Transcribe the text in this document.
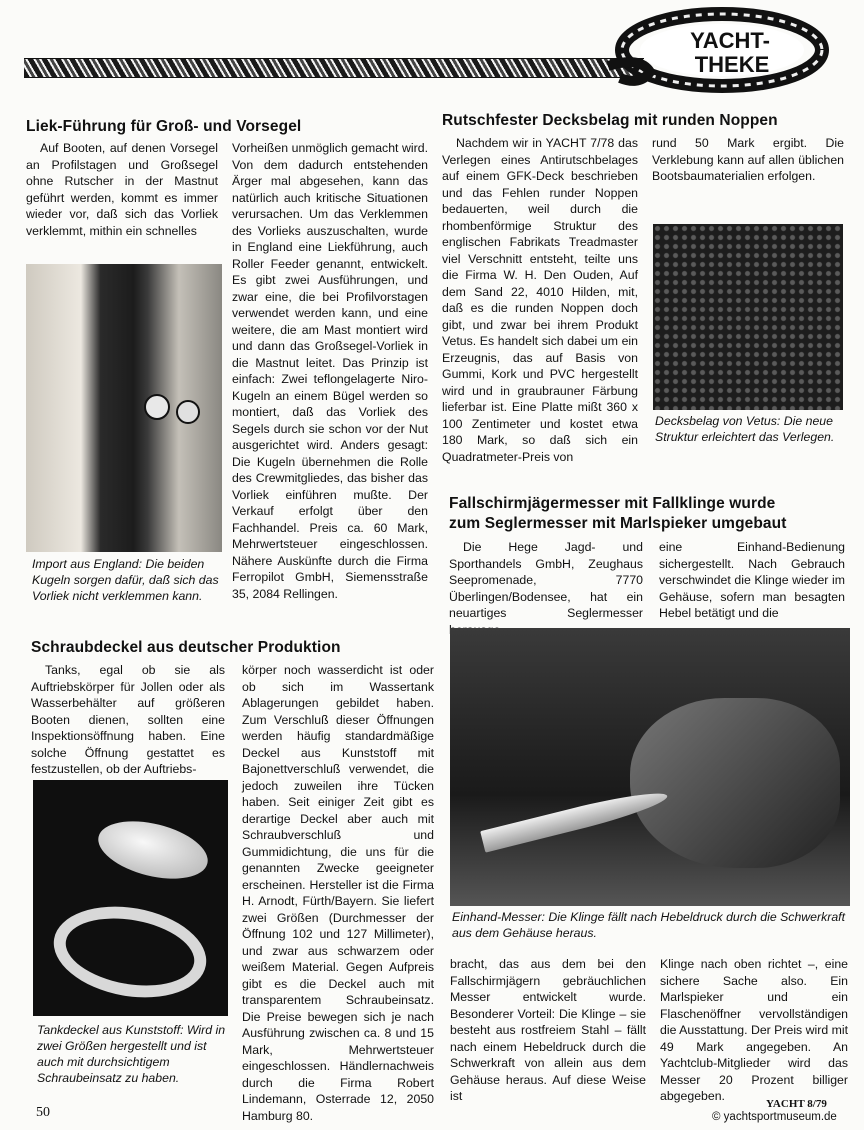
YACHT-
THEKE
Liek-Führung für Groß- und Vorsegel

Auf Booten, auf denen Vorsegel an Profilstagen und Großsegel ohne Rutscher in der Mastnut geführt werden, kommt es immer wieder vor, daß sich das Vorliek verklemmt, mithin ein schnelles

Vorheißen unmöglich gemacht wird. Von dem dadurch entstehenden Ärger mal abgesehen, kann das natürlich auch kritische Situationen verursachen. Um das Verklemmen des Vorlieks auszuschalten, wurde in England eine Liekführung, auch Roller Feeder genannt, entwickelt. Es gibt zwei Ausführungen, und zwar eine, die bei Profilvorstagen verwendet werden kann, und eine weitere, die am Mast montiert wird und dann das Großsegel-Vorliek in die Mastnut leitet. Das Prinzip ist einfach: Zwei teflongelagerte Niro-Kugeln an einem Bügel werden so montiert, daß das Vorliek des Segels durch sie schon vor der Nut ausgerichtet wird. Anders gesagt: Die Kugeln übernehmen die Rolle des Crewmitgliedes, das bisher das Vorliek einführen mußte. Der Verkauf erfolgt über den Fachhandel. Preis ca. 60 Mark, Mehrwertsteuer eingeschlossen. Nähere Auskünfte durch die Firma Ferropilot GmbH, Siemensstraße 35, 2084 Rellingen.

Import aus England: Die beiden Kugeln sorgen dafür, daß sich das Vorliek nicht verklemmen kann.
Rutschfester Decksbelag mit runden Noppen

Nachdem wir in YACHT 7/78 das Verlegen eines Antirutschbelages auf einem GFK-Deck beschrieben und das Fehlen runder Noppen bedauerten, weil durch die rhombenförmige Struktur des englischen Fabrikats Treadmaster viel Verschnitt entsteht, teilte uns die Firma W. H. Den Ouden, Auf dem Sand 22, 4010 Hilden, mit, daß es die runden Noppen doch gibt, und zwar bei ihrem Produkt Vetus. Es handelt sich dabei um ein Erzeugnis, das auf Basis von Gummi, Kork und PVC hergestellt wird und in graubrauner Färbung lieferbar ist. Eine Platte mißt 360 x 100 Zentimeter und kostet etwa 180 Mark, so daß sich ein Quadratmeter-Preis von

rund 50 Mark ergibt. Die Verklebung kann auf allen üblichen Bootsbaumaterialien erfolgen.

Decksbelag von Vetus: Die neue Struktur erleichtert das Verlegen.
Fallschirmjägermesser mit Fallklinge wurde
zum Seglermesser mit Marlspieker umgebaut

Die Hege Jagd- und Sporthandels GmbH, Zeughaus Seepromenade, 7770 Überlingen/Bodensee, hat ein neuartiges Seglermesser

eine Einhand-Bedienung sichergestellt. Nach Gebrauch verschwindet die Klinge wieder im Gehäuse, sofern man besagten Hebel betätigt und die

Einhand-Messer: Die Klinge fällt nach Hebeldruck durch die Schwerkraft aus dem Gehäuse heraus.

bracht, das aus dem bei den Fallschirmjägern gebräuchlichen Messer entwickelt wurde. Besonderer Vorteil: Die Klinge – sie besteht aus rostfreiem Stahl – fällt nach einem Hebeldruck durch die Schwerkraft von allein aus dem Gehäuse heraus. Auf diese Weise ist

Klinge nach oben richtet –, eine sichere Sache also. Ein Marlspieker und ein Flaschenöffner vervollständigen die Ausstattung. Der Preis wird mit 49 Mark angegeben. An Yachtclub-Mitglieder wird das Messer 20 Prozent billiger abgegeben.

Schraubdeckel aus deutscher Produktion

Tanks, egal ob sie als Auftriebskörper für Jollen oder als Wasserbehälter auf größeren Booten dienen, sollten eine Inspektionsöffnung haben. Eine solche Öffnung gestattet es festzustellen, ob der Auftriebs-

körper noch wasserdicht ist oder ob sich im Wassertank Ablagerungen gebildet haben. Zum Verschluß dieser Öffnungen werden häufig standardmäßige Deckel aus Kunststoff mit Bajonettverschluß verwendet, die jedoch zuweilen ihre Tücken haben. Seit einiger Zeit gibt es derartige Deckel aber auch mit Schraubverschluß und Gummidichtung, die uns für die genannten Zwecke geeigneter erscheinen. Hersteller ist die Firma H. Arnodt, Fürth/Bayern. Sie liefert zwei Größen (Durchmesser der Öffnung 102 und 127 Millimeter), und zwar aus schwarzem oder weißem Material. Gegen Aufpreis gibt es die Deckel auch mit transparentem Schraubeinsatz. Die Preise bewegen sich je nach Ausführung zwischen ca. 8 und 15 Mark, Mehrwertsteuer eingeschlossen. Händlernachweis durch die Firma Robert Lindemann, Osterrade 12, 2050 Hamburg 80.

Tankdeckel aus Kunststoff: Wird in zwei Größen hergestellt und ist auch mit durchsichtigem Schraubeinsatz zu haben.
50
YACHT 8/79
© yachtsportmuseum.de
